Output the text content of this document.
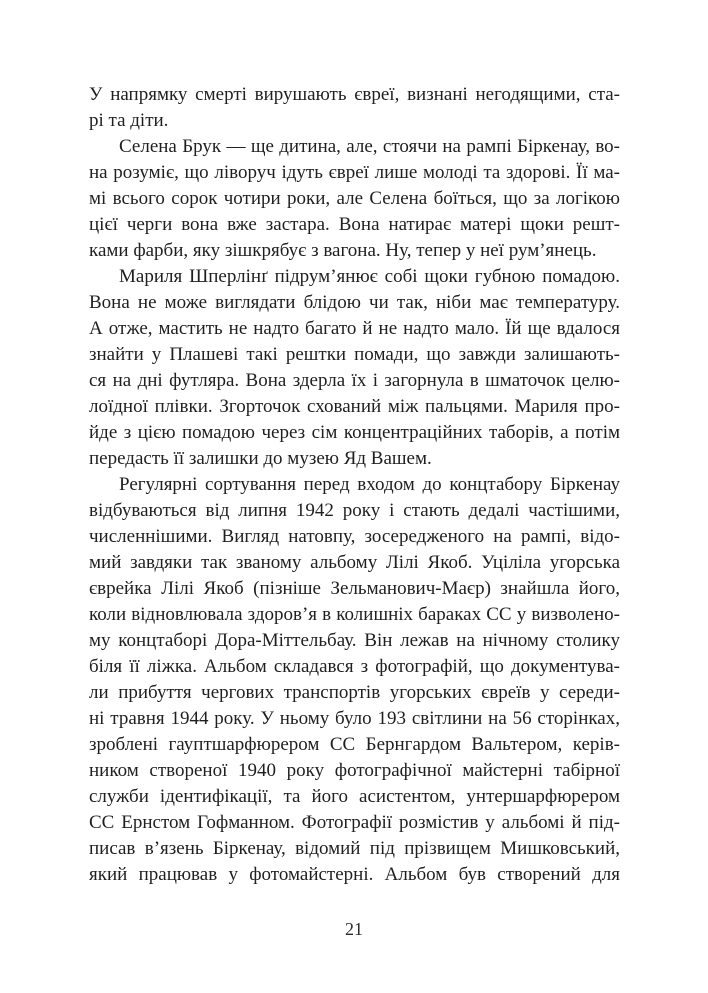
У напрямку смерті вирушають євреї, визнані негодящими, ста-
рі та діти.
Селена Брук — ще дитина, але, стоячи на рампі Біркенау, во-
на розуміє, що ліворуч ідуть євреї лише молоді та здорові. Її ма-
мі всього сорок чотири роки, але Селена боїться, що за логікою
цієї черги вона вже застара. Вона натирає матері щоки решт-
ками фарби, яку зішкрябує з вагона. Ну, тепер у неї рум’янець.
Мариля Шперлінґ підрум’янює собі щоки губною помадою.
Вона не може виглядати блідою чи так, ніби має температуру.
А отже, мастить не надто багато й не надто мало. Їй ще вдалося
знайти у Плашеві такі рештки помади, що завжди залишають-
ся на дні футляра. Вона здерла їх і загорнула в шматочок целю-
лоїдної плівки. Згорточок схований між пальцями. Мариля про-
йде з цією помадою через сім концентраційних таборів, а потім
передасть її залишки до музею Яд Вашем.
Регулярні сортування перед входом до концтабору Біркенау
відбуваються від липня 1942 року і стають дедалі частішими,
численнішими. Вигляд натовпу, зосередженого на рампі, відо-
мий завдяки так званому альбому Лілі Якоб. Уціліла угорська
єврейка Лілі Якоб (пізніше Зельманович-Маєр) знайшла його,
коли відновлювала здоров’я в колишніх бараках СС у визволено-
му концтаборі Дора-Міттельбау. Він лежав на нічному столику
біля її ліжка. Альбом складався з фотографій, що документува-
ли прибуття чергових транспортів угорських євреїв у середи-
ні травня 1944 року. У ньому було 193 світлини на 56 сторінках,
зроблені гауптшарфюрером СС Бернгардом Вальтером, керів-
ником створеної 1940 року фотографічної майстерні табірної
служби ідентифікації, та його асистентом, унтершарфюрером
СС Ернстом Гофманном. Фотографії розмістив у альбомі й під-
писав в’язень Біркенау, відомий під прізвищем Мишковський,
який працював у фотомайстерні. Альбом був створений для
21
